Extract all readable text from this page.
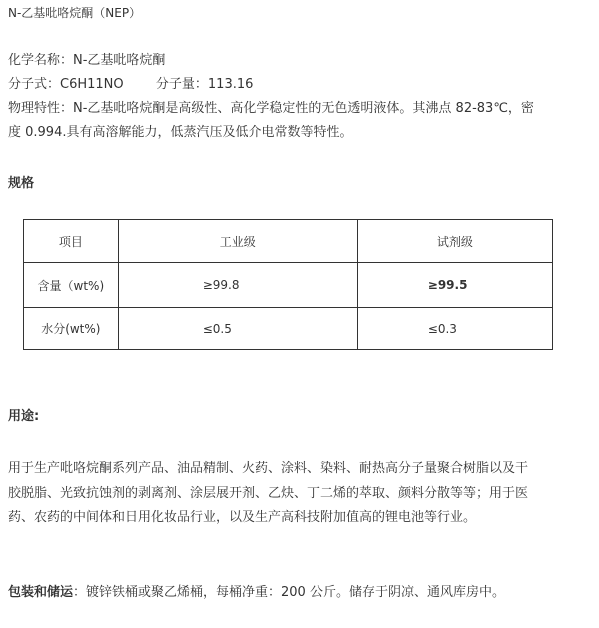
N-乙基吡咯烷酮（NEP）
化学名称：N-乙基吡咯烷酮
分子式：C6H11NO 分子量：113.16
物理特性：N-乙基吡咯烷酮是高级性、高化学稳定性的无色透明液体。其沸点 82-83℃，密
度 0.994.具有高溶解能力，低蒸汽压及低介电常数等特性。
规格
项目	工业级	试剂级
含量（wt%)	≥99.8	≥99.5
水分(wt%)	≤0.5	≤0.3
用途:
用于生产吡咯烷酮系列产品、油品精制、火药、涂料、染料、耐热高分子量聚合树脂以及干
胶脱脂、光致抗蚀剂的剥离剂、涂层展开剂、乙炔、丁二烯的萃取、颜料分散等等；用于医
药、农药的中间体和日用化妆品行业，以及生产高科技附加值高的锂电池等行业。
包装和储运：镀锌铁桶或聚乙烯桶，每桶净重：200 公斤。储存于阴凉、通风库房中。
